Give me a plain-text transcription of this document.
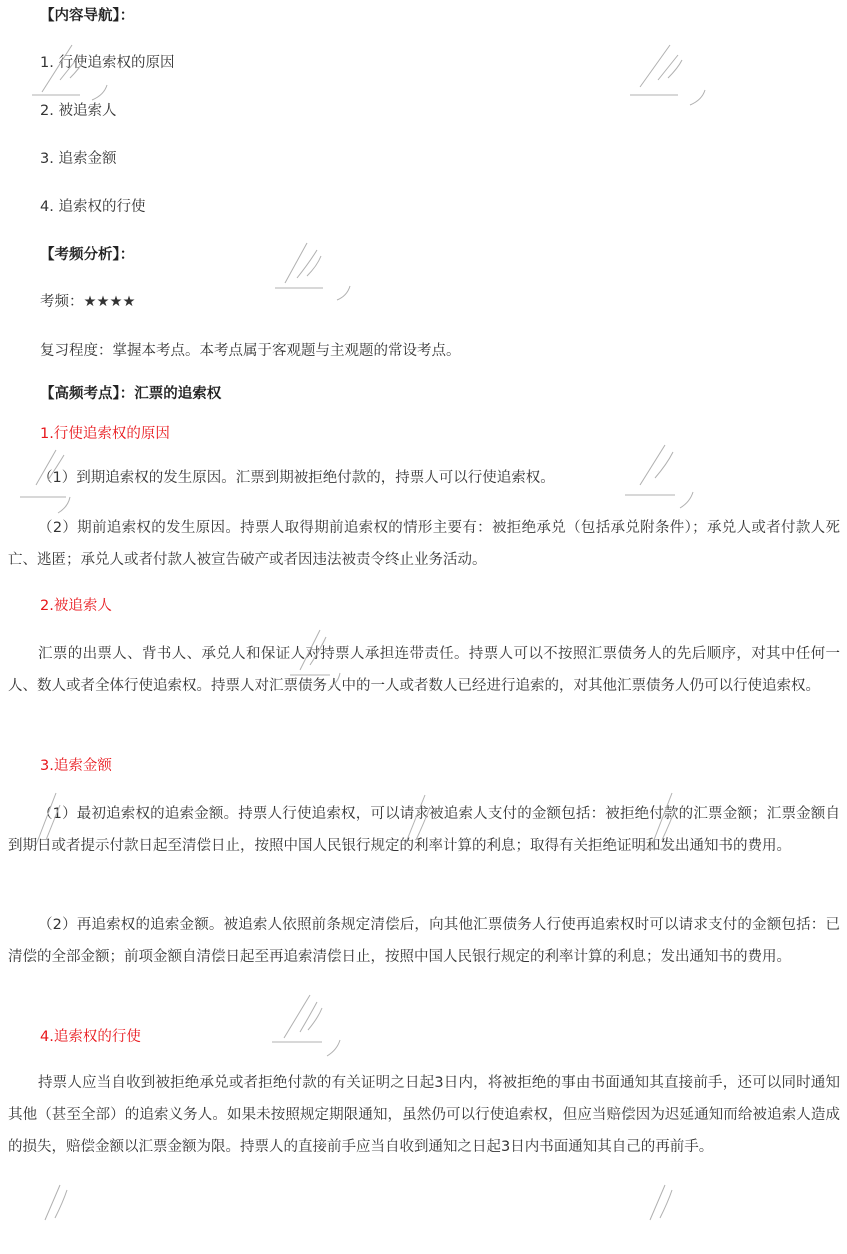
【内容导航】：
1. 行使追索权的原因
2. 被追索人
3. 追索金额
4. 追索权的行使
【考频分析】：
考频：★★★★
复习程度：掌握本考点。本考点属于客观题与主观题的常设考点。
【高频考点】：汇票的追索权
1.行使追索权的原因
（1）到期追索权的发生原因。汇票到期被拒绝付款的，持票人可以行使追索权。
（2）期前追索权的发生原因。持票人取得期前追索权的情形主要有：被拒绝承兑（包括承兑附条件）；承兑人或者付款人死亡、逃匿；承兑人或者付款人被宣告破产或者因违法被责令终止业务活动。
2.被追索人
汇票的出票人、背书人、承兑人和保证人对持票人承担连带责任。持票人可以不按照汇票债务人的先后顺序，对其中任何一人、数人或者全体行使追索权。持票人对汇票债务人中的一人或者数人已经进行追索的，对其他汇票债务人仍可以行使追索权。
3.追索金额
（1）最初追索权的追索金额。持票人行使追索权，可以请求被追索人支付的金额包括：被拒绝付款的汇票金额；汇票金额自到期日或者提示付款日起至清偿日止，按照中国人民银行规定的利率计算的利息；取得有关拒绝证明和发出通知书的费用。
（2）再追索权的追索金额。被追索人依照前条规定清偿后，向其他汇票债务人行使再追索权时可以请求支付的金额包括：已清偿的全部金额；前项金额自清偿日起至再追索清偿日止，按照中国人民银行规定的利率计算的利息；发出通知书的费用。
4.追索权的行使
持票人应当自收到被拒绝承兑或者拒绝付款的有关证明之日起3日内，将被拒绝的事由书面通知其直接前手，还可以同时通知其他（甚至全部）的追索义务人。如果未按照规定期限通知，虽然仍可以行使追索权，但应当赔偿因为迟延通知而给被追索人造成的损失，赔偿金额以汇票金额为限。持票人的直接前手应当自收到通知之日起3日内书面通知其自己的再前手。
